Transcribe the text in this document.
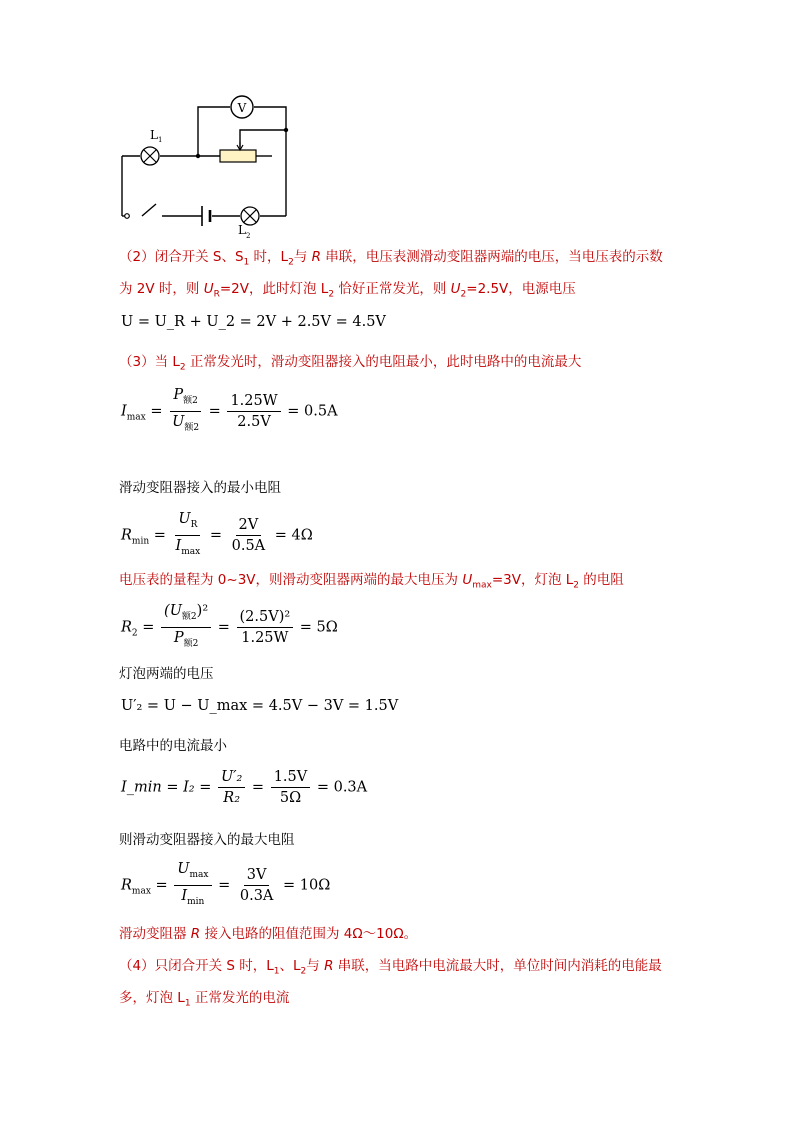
V
L 1
L 2
（2）闭合开关 S、$S_1$ 时，$L_2$与 R 串联，电压表测滑动变阻器两端的电压，当电压表的示数
为 2V 时，则 $U_R=2V$，此时灯泡 $L_2$ 恰好正常发光，则 $U_2=2.5V$，电源电压
U = U_R + U_2 = 2V + 2.5V = 4.5V
（3）当 $L_2$ 正常发光时，滑动变阻器接入的电阻最小，此时电路中的电流最大
$I_{max} = \frac{P_{额2}}{U_{额2}} = \frac{1.25W}{2.5V} = 0.5A$
滑动变阻器接入的最小电阻
$R_{min} = \frac{U_R}{I_{max}} = \frac{2V}{0.5A} = 4\Omega$
电压表的量程为 0~3V，则滑动变阻器两端的最大电压为 $U_{max}=3V$，灯泡 $L_2$ 的电阻
$R_2 = \frac{(U_{额2})^2}{P_{额2}} = \frac{\text{(2.5V)²}}{1.25W} = 5\Omega$
灯泡两端的电压
U′₂ = U − U_max = 4.5V − 3V = 1.5V
电路中的电流最小
I_min = $I_2 = \frac{\text{U′₂}}{\text{R₂}} = \frac{1.5V}{5\Omega} = 0.3A$
则滑动变阻器接入的最大电阻
$R_{max} = \frac{U_{max}}{I_{min}} = \frac{3V}{0.3A} = 10\Omega$
滑动变阻器 R 接入电路的阻值范围为 4Ω～10Ω。
（4）只闭合开关 S 时，$L_1$、$L_2$与 R 串联，当电路中电流最大时，单位时间内消耗的电能最
多，灯泡 $L_1$ 正常发光的电流
